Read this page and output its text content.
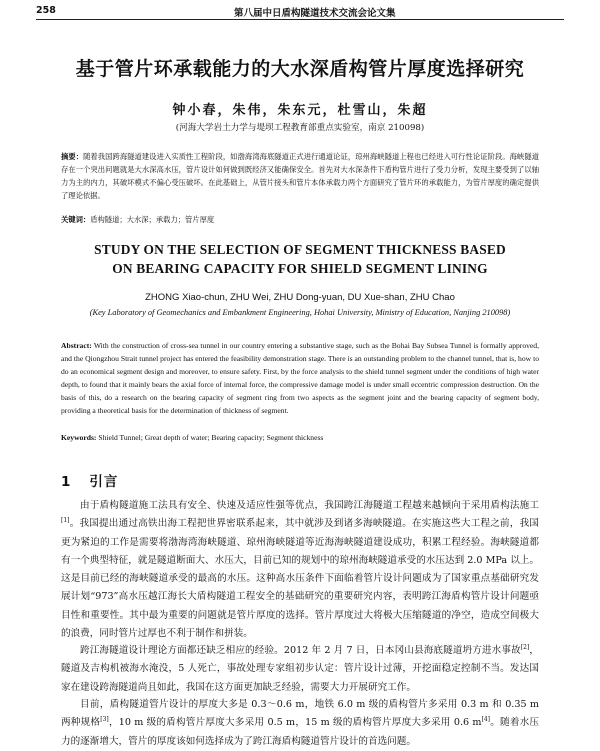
258	第八届中日盾构隧道技术交流会论文集
基于管片环承载能力的大水深盾构管片厚度选择研究
钟小春，朱伟，朱东元，杜雪山，朱超
(河海大学岩土力学与堤坝工程教育部重点实验室，南京 210098)
摘要：随着我国跨海隧道建设进入实质性工程阶段，如渤海湾海底隧道正式进行通道论证，琼州海峡隧道上程也已经进入可行性论证阶段。海峡隧道存在一个突出问题就是大水深高水压，管片设计如何做到既经济又能确保安全。首先对大水深条件下盾构管片进行了受力分析，发现主要受到了以轴力为主的内力，其破坏模式不偏心受压破坏。在此基础上，从管片接头和管片本体承载力两个方面研究了管片环的承载能力，为管片厚度的确定提供了理论依据。
关键词：盾构隧道；大水深；承载力；管片厚度
STUDY ON THE SELECTION OF SEGMENT THICKNESS BASED
ON BEARING CAPACITY FOR SHIELD SEGMENT LINING
ZHONG Xiao-chun, ZHU Wei, ZHU Dong-yuan, DU Xue-shan, ZHU Chao
(Key Laboratory of Geomechanics and Embankment Engineering, Hohai University, Ministry of Education, Nanjing 210098)
Abstract: With the construction of cross-sea tunnel in our country entering a substantive stage, such as the Bohai Bay Subsea Tunnel is formally approved, and the Qiongzhou Strait tunnel project has entered the feasibility demonstration stage. There is an outstanding problem to the channel tunnel, that is, how to do an economical segment design and moreover, to ensure safety. First, by the force analysis to the shield tunnel segment under the conditions of high water depth, to found that it mainly bears the axial force of internal force, the compressive damage model is under small eccentric compression destruction. On the basis of this, do a research on the bearing capacity of segment ring from two aspects as the segment joint and the bearing capacity of segment body, providing a theoretical basis for the determination of thickness of segment.
Keywords: Shield Tunnel; Great depth of water; Bearing capacity; Segment thickness
1 引言

由于盾构隧道施工法具有安全、快速及适应性强等优点，我国跨江海隧道工程越来越倾向于采用盾构法施工[1]。我国提出通过高铁出海工程把世界密联系起来，其中就涉及到诸多海峡隧道。在实施这些大工程之前，我国更为紧迫的工作是需要将渤海湾海峡隧道、琼州海峡隧道等近海海峡隧道建设成功，积累工程经验。海峡隧道都有一个典型特征，就是隧道断面大、水压大，目前已知的规划中的琼州海峡隧道承受的水压达到 2.0 MPa 以上。这是目前已经的海峡隧道承受的最高的水压。这种高水压条件下面临着管片设计问题成为了国家重点基础研究发展计划“973”高水压越江海长大盾构隧道工程安全的基础研究的重要研究内容，表明跨江海盾构管片设计问题亟目性和重要性。其中最为重要的问题就是管片厚度的选择。管片厚度过大将极大压缩隧道的净空，造成空间极大的浪费，同时管片过厚也不利于制作和拼装。

跨江海隧道设计理论方面都还缺乏相应的经验。2012 年 2 月 7 日，日本冈山县海底隧道坍方进水事故[2]，隧道及吉构机被海水淹没，5 人死亡，事故处理专家组初步认定：管片设计过薄，开挖面稳定控制不当。发达国家在建设跨海隧道尚且如此，我国在这方面更加缺乏经验，需要大力开展研究工作。

目前，盾构隧道管片设计的厚度大多是 0.3～0.6 m，地铁 6.0 m 级的盾构管片多采用 0.3 m 和 0.35 m 两种规格[3]，10 m 级的盾构管片厚度大多采用 0.5 m，15 m 级的盾构管片厚度大多采用 0.6 m[4]。随着水压力的逐渐增大，管片的厚度该如何选择成为了跨江海盾构隧道管片设计的首选问题。
